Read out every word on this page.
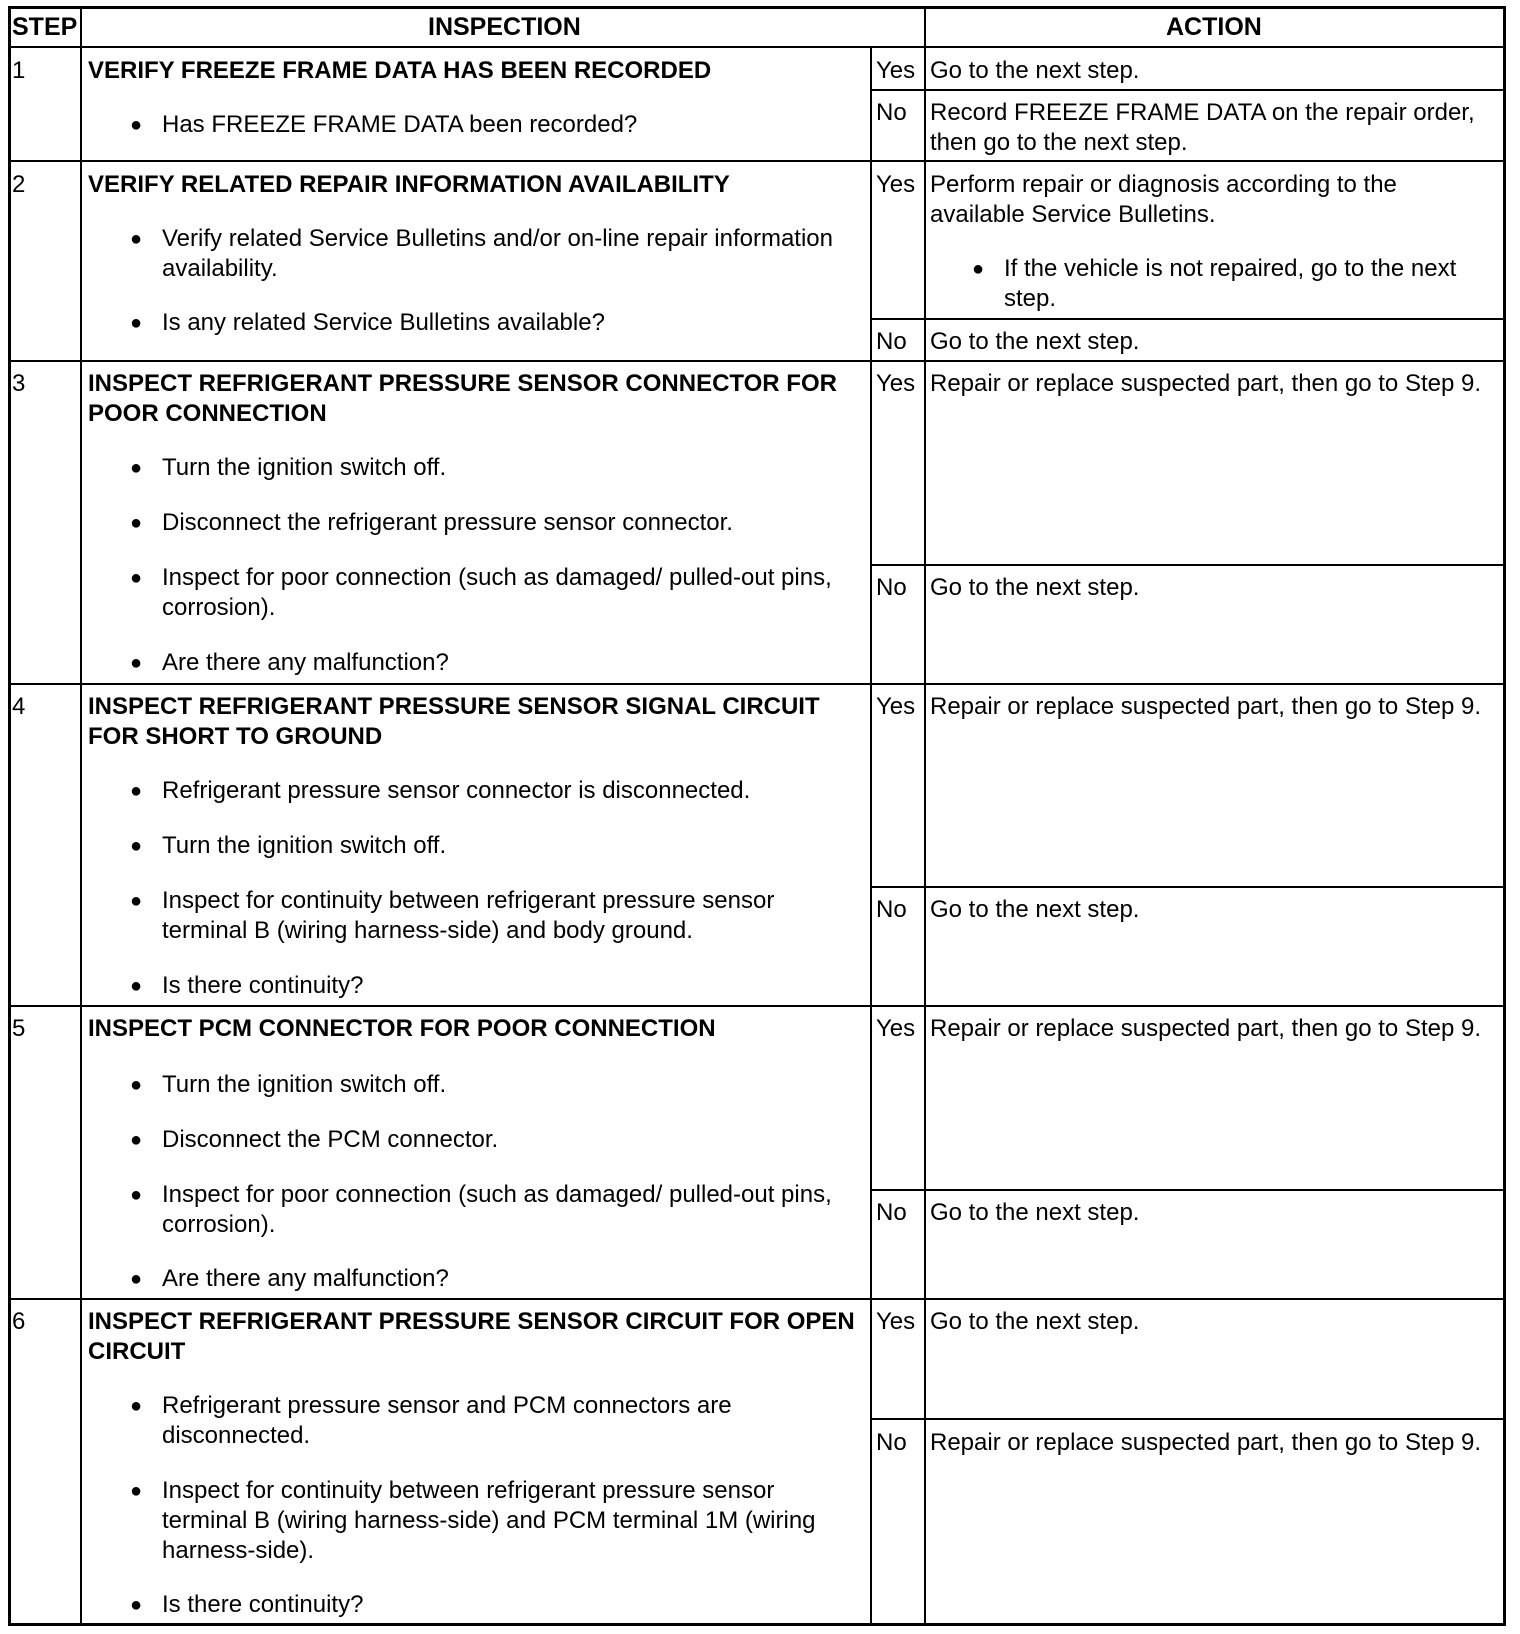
STEP	INSPECTION	ACTION
1	VERIFY FREEZE FRAME DATA HAS BEEN RECORDED
● Has FREEZE FRAME DATA been recorded?
Yes Go to the next step.
No Record FREEZE FRAME DATA on the repair order, then go to the next step.
2	VERIFY RELATED REPAIR INFORMATION AVAILABILITY
● Verify related Service Bulletins and/or on-line repair information availability.
● Is any related Service Bulletins available?
Yes Perform repair or diagnosis according to the available Service Bulletins.
● If the vehicle is not repaired, go to the next step.
No Go to the next step.
3	INSPECT REFRIGERANT PRESSURE SENSOR CONNECTOR FOR POOR CONNECTION
● Turn the ignition switch off.
● Disconnect the refrigerant pressure sensor connector.
● Inspect for poor connection (such as damaged/ pulled-out pins, corrosion).
● Are there any malfunction?
Yes Repair or replace suspected part, then go to Step 9.
No Go to the next step.
4	INSPECT REFRIGERANT PRESSURE SENSOR SIGNAL CIRCUIT FOR SHORT TO GROUND
● Refrigerant pressure sensor connector is disconnected.
● Turn the ignition switch off.
● Inspect for continuity between refrigerant pressure sensor terminal B (wiring harness-side) and body ground.
● Is there continuity?
Yes Repair or replace suspected part, then go to Step 9.
No Go to the next step.
5	INSPECT PCM CONNECTOR FOR POOR CONNECTION
● Turn the ignition switch off.
● Disconnect the PCM connector.
● Inspect for poor connection (such as damaged/ pulled-out pins, corrosion).
● Are there any malfunction?
Yes Repair or replace suspected part, then go to Step 9.
No Go to the next step.
6	INSPECT REFRIGERANT PRESSURE SENSOR CIRCUIT FOR OPEN CIRCUIT
● Refrigerant pressure sensor and PCM connectors are disconnected.
● Inspect for continuity between refrigerant pressure sensor terminal B (wiring harness-side) and PCM terminal 1M (wiring harness-side).
● Is there continuity?
Yes Go to the next step.
No Repair or replace suspected part, then go to Step 9.
